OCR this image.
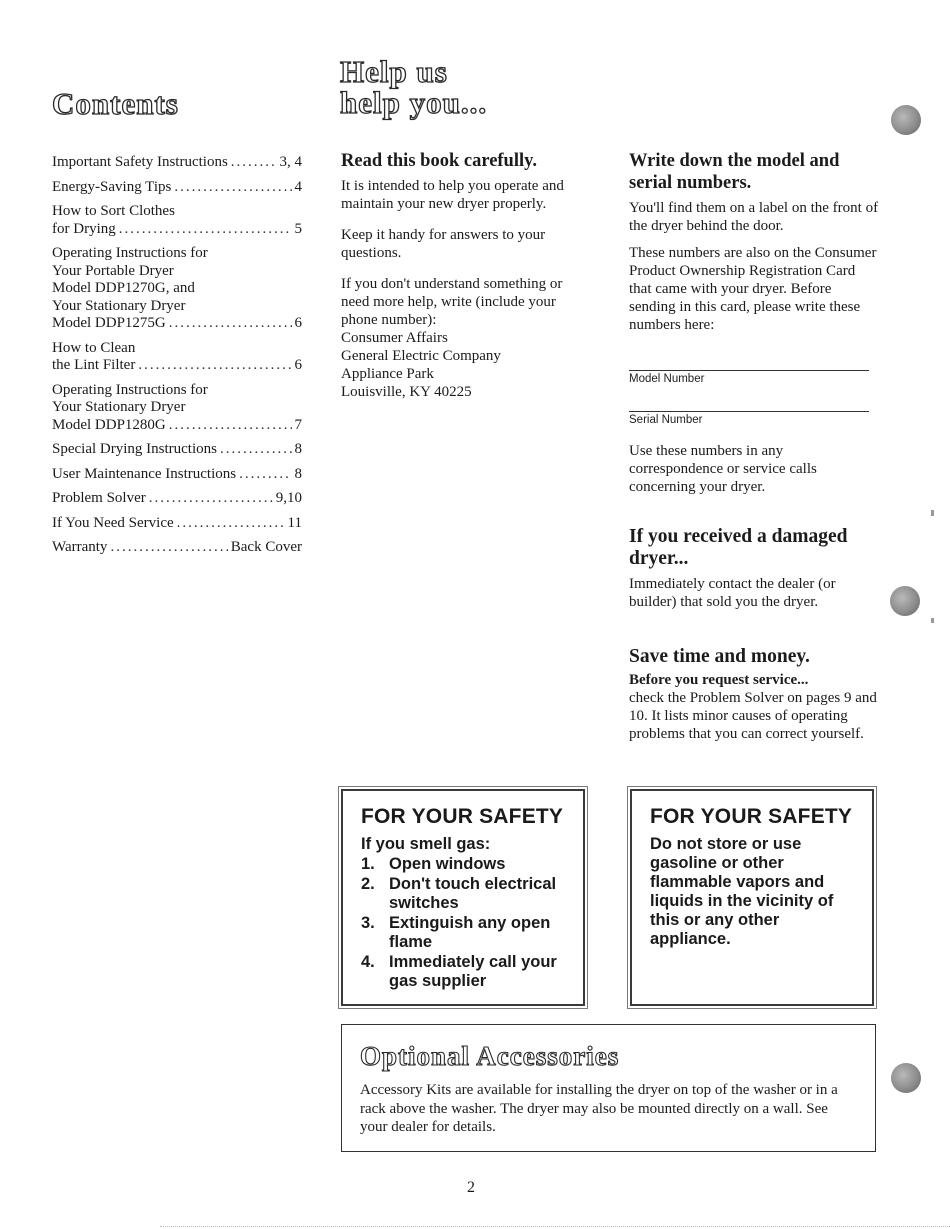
Contents
Important Safety Instructions .....	3, 4
Energy-Saving Tips .....	4
How to Sort Clothes
for Drying .....	5
Operating Instructions for
Your Portable Dryer
Model DDP1270G, and
Your Stationary Dryer
Model DDP1275G .....	6
How to Clean
the Lint Filter .....	6
Operating Instructions for
Your Stationary Dryer
Model DDP1280G .....	7
Special Drying Instructions .....	8
User Maintenance Instructions .....	8
Problem Solver .....	9,10
If You Need Service .....	11
Warranty .....	Back Cover
Help us
help you...
Read this book carefully.

It is intended to help you operate and maintain your new dryer properly.

Keep it handy for answers to your questions.

If you don't understand something or need more help, write (include your phone number):

Consumer Affairs
General Electric Company
Appliance Park
Louisville, KY 40225
Write down the model and serial numbers.

You'll find them on a label on the front of the dryer behind the door.

These numbers are also on the Consumer Product Ownership Registration Card that came with your dryer. Before sending in this card, please write these numbers here:

Model Number
Serial Number

Use these numbers in any correspondence or service calls concerning your dryer.

If you received a damaged dryer...

Immediately contact the dealer (or builder) that sold you the dryer.

Save time and money.
Before you request service...

check the Problem Solver on pages 9 and 10. It lists minor causes of operating problems that you can correct yourself.

FOR YOUR SAFETY
If you smell gas:
1. Open windows
2. Don't touch electrical switches
3. Extinguish any open flame
4. Immediately call your gas supplier
FOR YOUR SAFETY

Do not store or use gasoline or other flammable vapors and liquids in the vicinity of this or any other appliance.

Optional Accessories

Accessory Kits are available for installing the dryer on top of the washer or in a rack above the washer. The dryer may also be mounted directly on a wall. See your dealer for details.

2
